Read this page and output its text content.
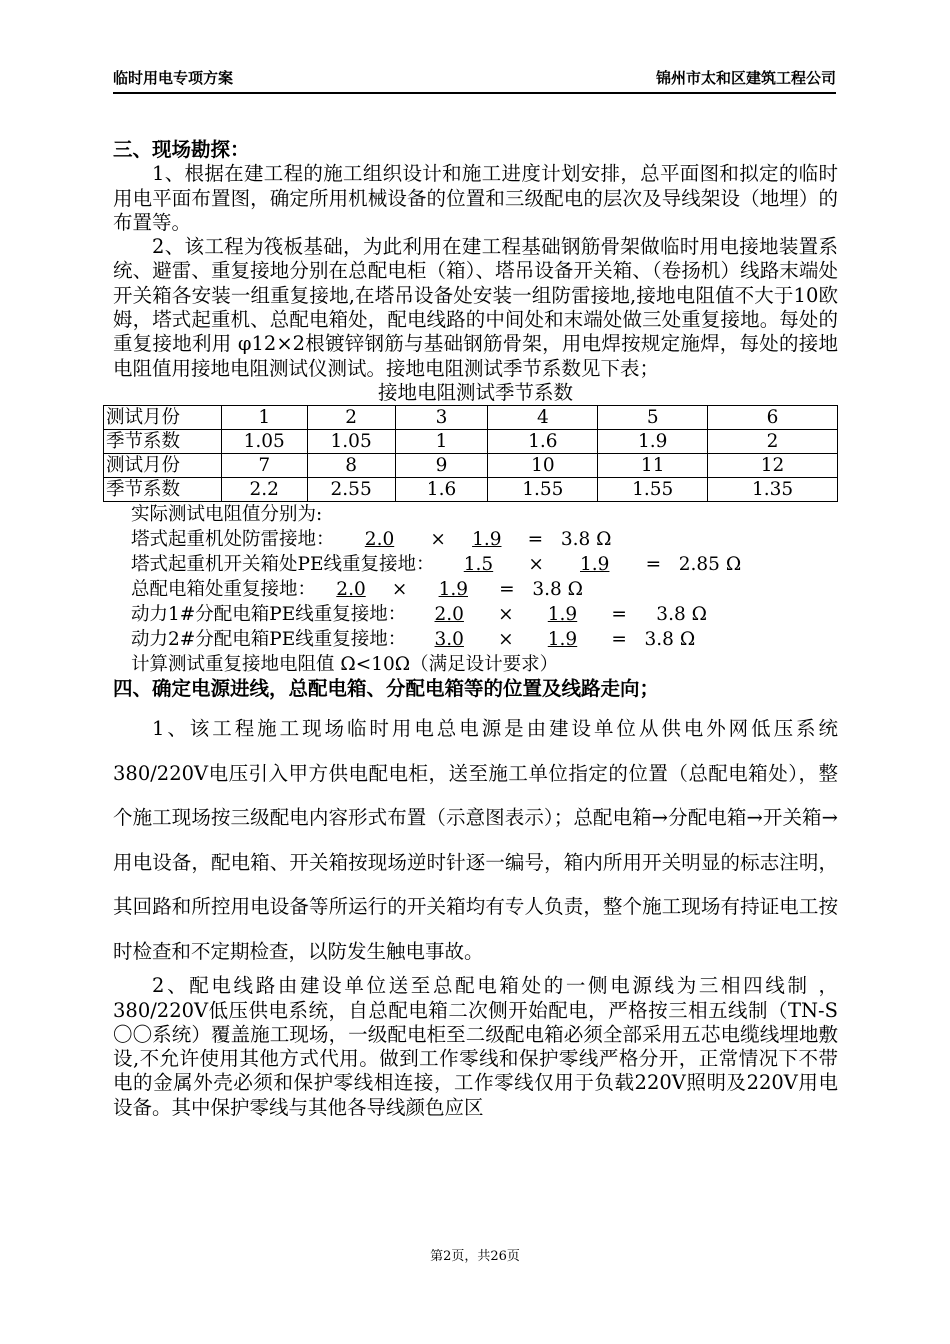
临时用电专项方案	锦州市太和区建筑工程公司

三、现场勘探：

1、根据在建工程的施工组织设计和施工进度计划安排，总平面图和拟定的临时用电平面布置图，确定所用机械设备的位置和三级配电的层次及导线架设（地埋）的布置等。

2、该工程为筏板基础，为此利用在建工程基础钢筋骨架做临时用电接地装置系统、避雷、重复接地分别在总配电柜（箱）、塔吊设备开关箱、（卷扬机）线路末端处开关箱各安装一组重复接地,在塔吊设备处安装一组防雷接地,接地电阻值不大于10欧姆，塔式起重机、总配电箱处，配电线路的中间处和末端处做三处重复接地。每处的重复接地利用 φ12×2根镀锌钢筋与基础钢筋骨架，用电焊按规定施焊，每处的接地电阻值用接地电阻测试仪测试。接地电阻测试季节系数见下表；

接地电阻测试季节系数

测试月份	1	2	3	4	5	6
季节系数	1.05	1.05	1	1.6	1.9	2
测试月份	7	8	9	10	11	12
季节系数	2.2	2.55	1.6	1.55	1.55	1.35
实际测试电阻值分别为:
塔式起重机处防雷接地： 2.0 × 1.9 =   3.8 Ω
塔式起重机开关箱处PE线重复接地： 1.5 × 1.9 =   2.85 Ω
总配电箱处重复接地： 2.0 × 1.9 =   3.8 Ω
动力1#分配电箱PE线重复接地： 2.0 × 1.9 =     3.8 Ω
动力2#分配电箱PE线重复接地： 3.0 × 1.9 =   3.8 Ω
计算测试重复接地电阻值 Ω<10Ω（满足设计要求）

四、确定电源进线，总配电箱、分配电箱等的位置及线路走向；

1、该工程施工现场临时用电总电源是由建设单位从供电外网低压系统380/220V电压引入甲方供电配电柜，送至施工单位指定的位置（总配电箱处），整个施工现场按三级配电内容形式布置（示意图表示）；总配电箱→分配电箱→开关箱→用电设备，配电箱、开关箱按现场逆时针逐一编号，箱内所用开关明显的标志注明，其回路和所控用电设备等所运行的开关箱均有专人负责，整个施工现场有持证电工按时检查和不定期检查，以防发生触电事故。

2、配电线路由建设单位送至总配电箱处的一侧电源线为三相四线制 ，380/220V低压供电系统，自总配电箱二次侧开始配电，严格按三相五线制（TN-S〇〇系统）覆盖施工现场，一级配电柜至二级配电箱必须全部采用五芯电缆线埋地敷设,不允许使用其他方式代用。做到工作零线和保护零线严格分开，正常情况下不带电的金属外壳必须和保护零线相连接，工作零线仅用于负载220V照明及220V用电设备。其中保护零线与其他各导线颜色应区

第2页，共26页
